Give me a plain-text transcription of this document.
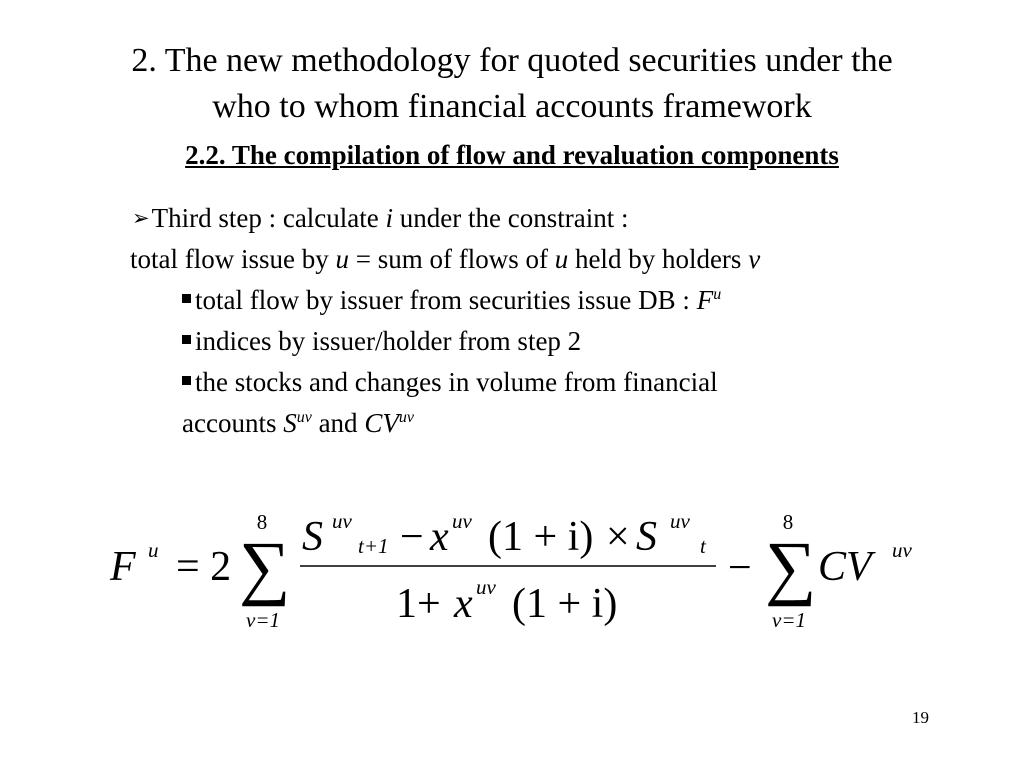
2. The new methodology for quoted securities under the
who to whom financial accounts framework
2.2. The compilation of flow and revaluation components
➢Third step : calculate i under the constraint :
total flow issue by u = sum of flows of u held by holders v
total flow by issuer from securities issue DB : $F^u$
indices by issuer/holder from step 2
the stocks and changes in volume from financial
accounts $S^{uv}$ and $CV^{uv}$
F u = 2
8
∑
v=1
S uv
t+1 − x uv (1 + i) × S uv
t
1+ x uv (1 + i)
−
8
∑
v=1
CV uv
19
